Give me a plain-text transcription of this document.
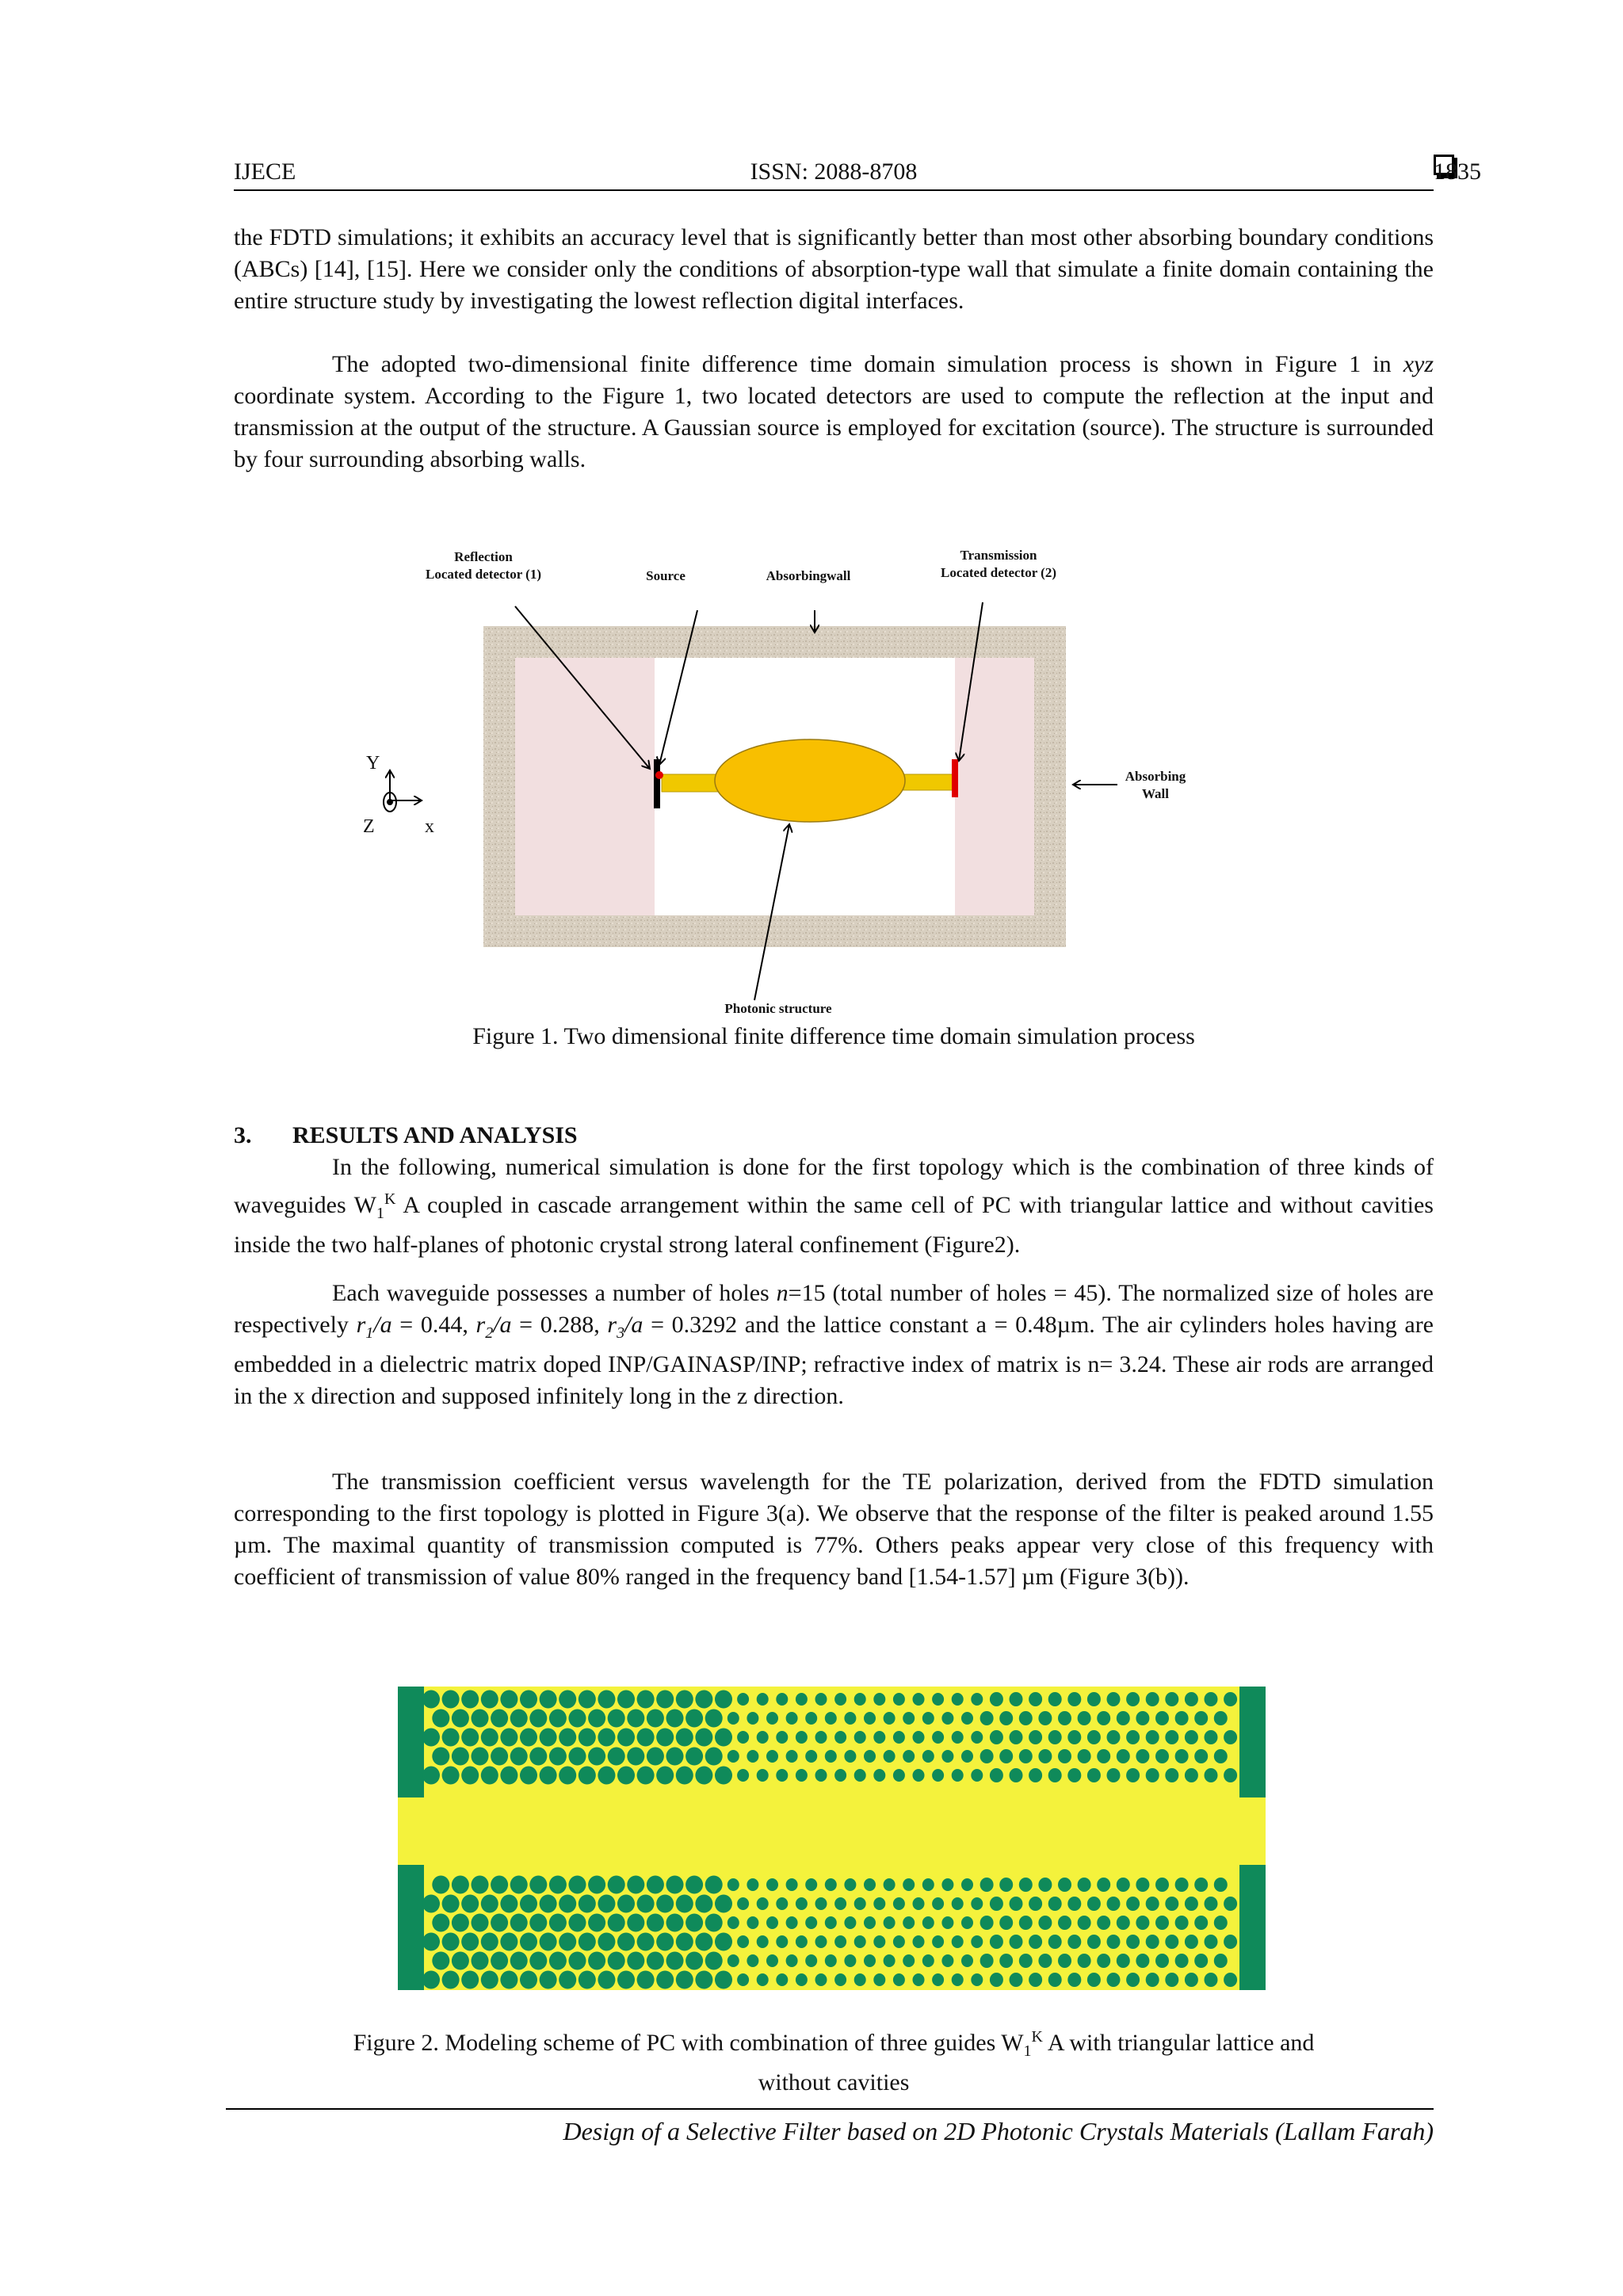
IJECE	ISSN: 2088-8708	1835

the FDTD simulations; it exhibits an accuracy level that is significantly better than most other absorbing boundary conditions (ABCs) [14], [15]. Here we consider only the conditions of absorption-type wall that simulate a finite domain containing the entire structure study by investigating the lowest reflection digital interfaces.

The adopted two-dimensional finite difference time domain simulation process is shown in Figure 1 in xyz coordinate system. According to the Figure 1, two located detectors are used to compute the reflection at the input and transmission at the output of the structure. A Gaussian source is employed for excitation (source). The structure is surrounded by four surrounding absorbing walls.

Reflection
Located detector (1)	Source	Absorbingwall
Transmission
Located detector (2)
Absorbing
Wall
Photonic structure
Y
Z	x
Figure 1. Two dimensional finite difference time domain simulation process
3. RESULTS AND ANALYSIS

In the following, numerical simulation is done for the first topology which is the combination of three kinds of waveguides $W_1^K$ A coupled in cascade arrangement within the same cell of PC with triangular lattice and without cavities inside the two half-planes of photonic crystal strong lateral confinement (Figure2).

Each waveguide possesses a number of holes n=15 (total number of holes = 45). The normalized size of holes are respectively $r_1/a = 0.44$, $r_2/a = 0.288$, $r_3/a = 0.3292$ and the lattice constant a = 0.48µm. The air cylinders holes having are embedded in a dielectric matrix doped INP/GAINASP/INP; refractive index of matrix is n= 3.24. These air rods are arranged in the x direction and supposed infinitely long in the z direction.

The transmission coefficient versus wavelength for the TE polarization, derived from the FDTD simulation corresponding to the first topology is plotted in Figure 3(a). We observe that the response of the filter is peaked around 1.55 µm. The maximal quantity of transmission computed is 77%. Others peaks appear very close of this frequency with coefficient of transmission of value 80% ranged in the frequency band [1.54-1.57] µm (Figure 3(b)).

Figure 2. Modeling scheme of PC with combination of three guides $W_1^K$ A with triangular lattice and
without cavities
Design of a Selective Filter based on 2D Photonic Crystals Materials (Lallam Farah)
